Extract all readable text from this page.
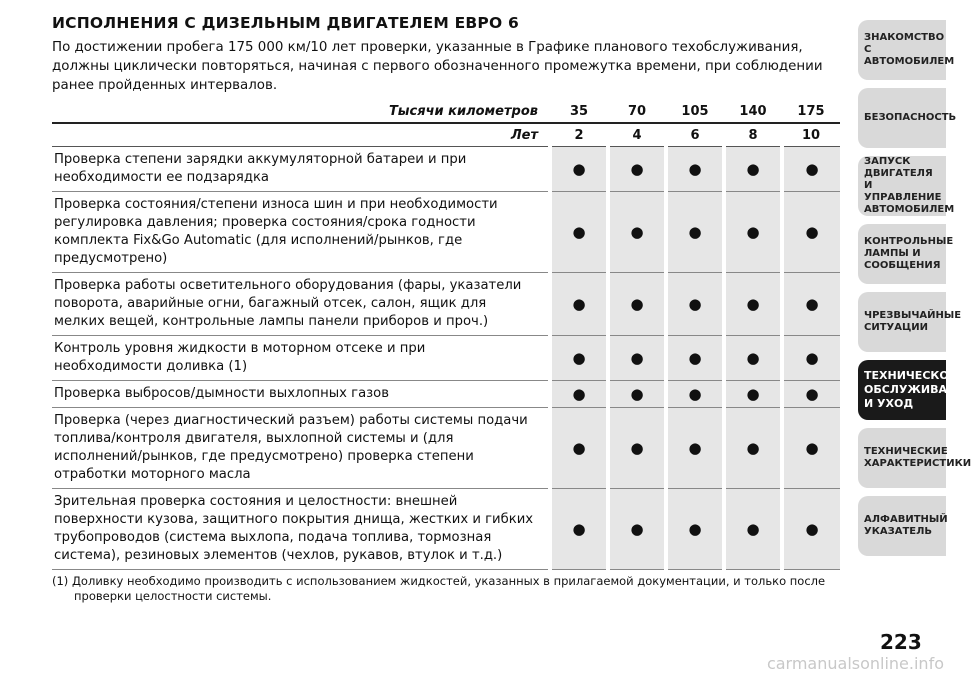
ИСПОЛНЕНИЯ С ДИЗЕЛЬНЫМ ДВИГАТЕЛЕМ ЕВРО 6
По достижении пробега 175 000 км/10 лет проверки, указанные в Графике планового техобслуживания, должны циклически повторяться, начиная с первого обозначенного промежутка времени, при соблюдении ранее пройденных интервалов.
Тысячи километров	35	70	105	140	175
Лет	2	4	6	8	10
Проверка степени зарядки аккумуляторной батареи и при необходимости ее подзарядка	●	●	●	●	●
Проверка состояния/степени износа шин и при необходимости регулировка давления; проверка состояния/срока годности комплекта Fix&Go Automatic (для исполнений/рынков, где предусмотрено)	●	●	●	●	●
Проверка работы осветительного оборудования (фары, указатели поворота, аварийные огни, багажный отсек, салон, ящик для мелких вещей, контрольные лампы панели приборов и проч.)	●	●	●	●	●
Контроль уровня жидкости в моторном отсеке и при необходимости доливка (1)	●	●	●	●	●
Проверка выбросов/дымности выхлопных газов	●	●	●	●	●
Проверка (через диагностический разъем) работы системы подачи топлива/контроля двигателя, выхлопной системы и (для исполнений/рынков, где предусмотрено) проверка степени отработки моторного масла	●	●	●	●	●
Зрительная проверка состояния и целостности: внешней поверхности кузова, защитного покрытия днища, жестких и гибких трубопроводов (система выхлопа, подача топлива, тормозная система), резиновых элементов (чехлов, рукавов, втулок и т.д.)	●	●	●	●	●
(1) Доливку необходимо производить с использованием жидкостей, указанных в прилагаемой документации, и только после
проверки целостности системы.
ЗНАКОМСТВО С АВТОМОБИЛЕМ
БЕЗОПАСНОСТЬ
ЗАПУСК ДВИГАТЕЛЯ И УПРАВЛЕНИЕ АВТОМОБИЛЕМ
КОНТРОЛЬНЫЕ ЛАМПЫ И СООБЩЕНИЯ
ЧРЕЗВЫЧАЙНЫЕ СИТУАЦИИ
ТЕХНИЧЕСКОЕ ОБСЛУЖИВАНИЕ И УХОД
ТЕХНИЧЕСКИЕ ХАРАКТЕРИСТИКИ
АЛФАВИТНЫЙ УКАЗАТЕЛЬ
223
carmanualsonline.info
